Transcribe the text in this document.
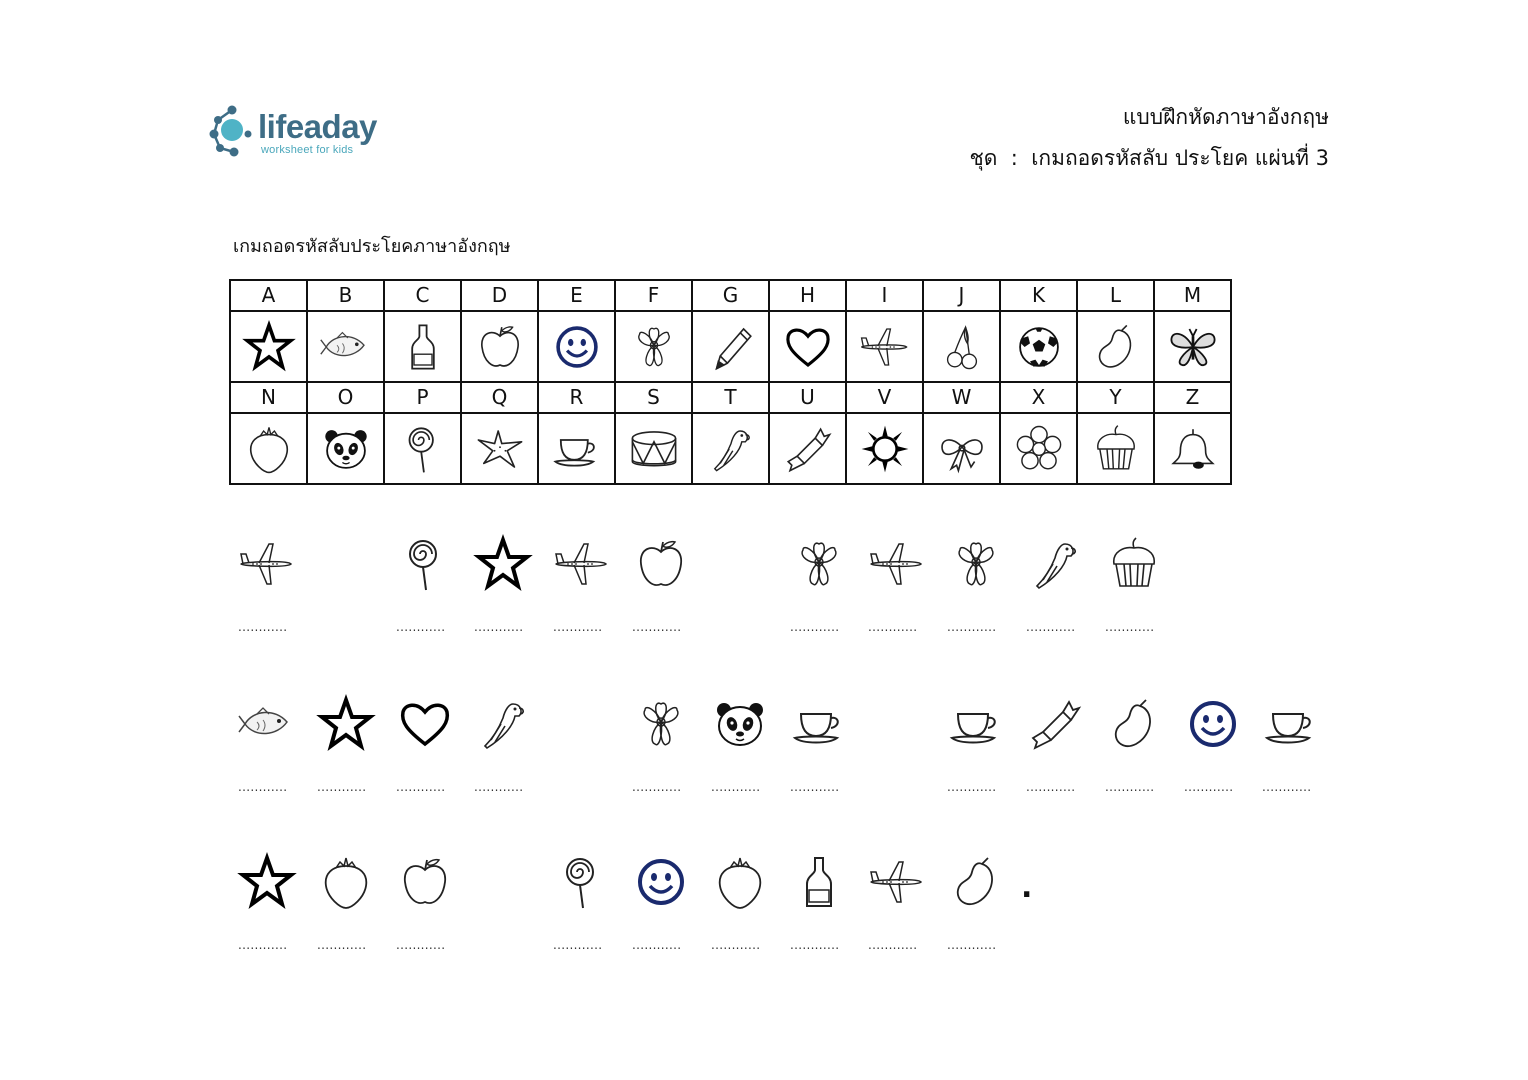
lifeaday
worksheet for kids
แบบฝึกหัดภาษาอังกฤษ
ชุด  :  เกมถอดรหัสลับ ประโยค แผ่นที่ 3
เกมถอดรหัสลับประโยคภาษาอังกฤษ
A	B	C	D	E	F	G	H	I	J	K	L	M

N	O	P	Q	R	S	T	U	V	W	X	Y	Z

............	............	............	............	............	............	............	............	............	............
............	............	............	............	............	............	............	............	............	............	............	............
............	............	............	............	............	............	............	............	............
.
